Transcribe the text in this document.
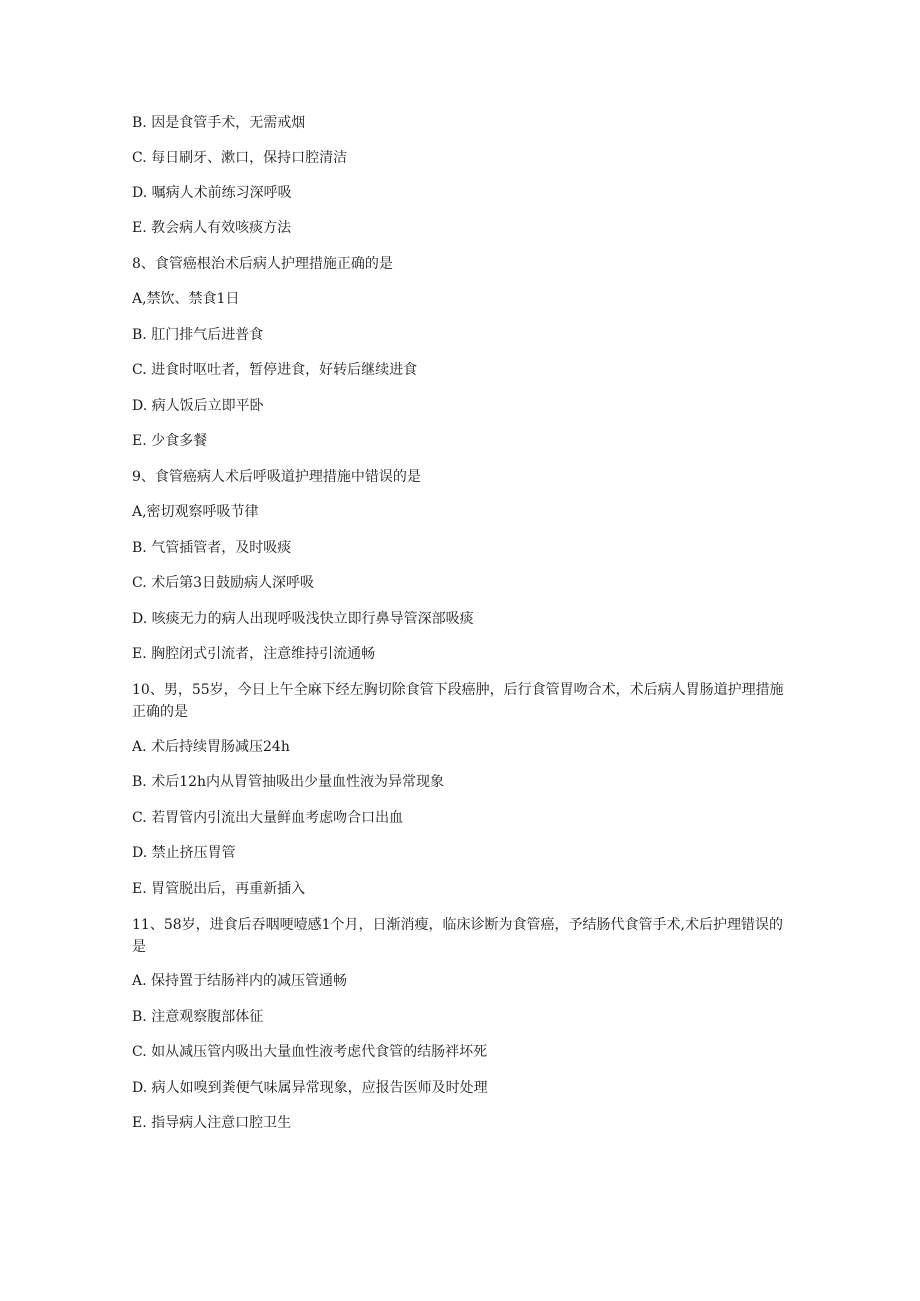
B. 因是食管手术，无需戒烟
C. 每日刷牙、漱口，保持口腔清洁
D. 嘱病人术前练习深呼吸
E. 教会病人有效咳痰方法
8、食管癌根治术后病人护理措施正确的是
A,禁饮、禁食1日
B. 肛门排气后进普食
C. 进食时呕吐者，暂停进食，好转后继续进食
D. 病人饭后立即平卧
E. 少食多餐
9、食管癌病人术后呼吸道护理措施中错误的是
A,密切观察呼吸节律
B. 气管插管者，及时吸痰
C. 术后第3日鼓励病人深呼吸
D. 咳痰无力的病人出现呼吸浅快立即行鼻导管深部吸痰
E. 胸腔闭式引流者，注意维持引流通畅
10、男，55岁，今日上午全麻下经左胸切除食管下段癌肿，后行食管胃吻合术，术后病人胃肠道护理措施正确的是
A. 术后持续胃肠减压24h
B. 术后12h内从胃管抽吸出少量血性液为异常现象
C. 若胃管内引流出大量鲜血考虑吻合口出血
D. 禁止挤压胃管
E. 胃管脱出后，再重新插入
11、58岁，进食后吞咽哽噎感1个月，日渐消瘦，临床诊断为食管癌，予结肠代食管手术,术后护理错误的是
A. 保持置于结肠袢内的减压管通畅
B. 注意观察腹部体征
C. 如从减压管内吸出大量血性液考虑代食管的结肠袢坏死
D. 病人如嗅到粪便气味属异常现象，应报告医师及时处理
E. 指导病人注意口腔卫生
